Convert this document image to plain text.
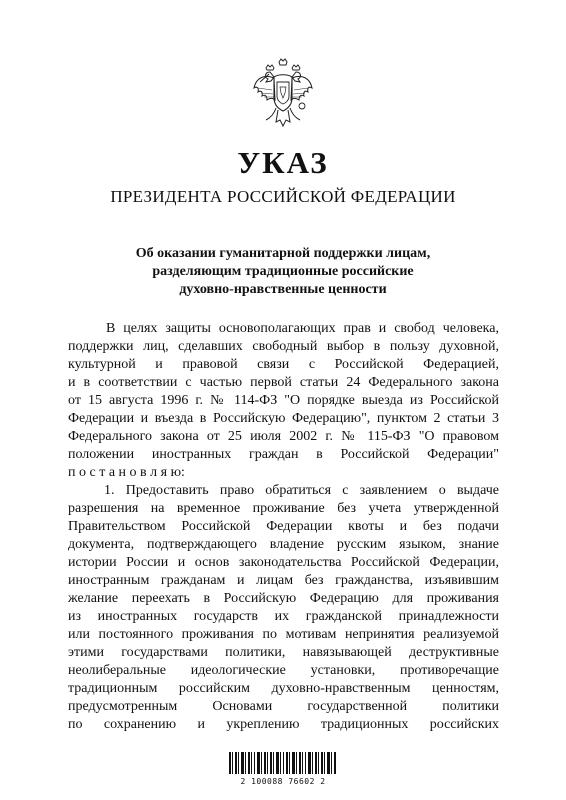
УКАЗ
ПРЕЗИДЕНТА РОССИЙСКОЙ ФЕДЕРАЦИИ
Об оказании гуманитарной поддержки лицам,
разделяющим традиционные российские
духовно-нравственные ценности
В целях защиты основополагающих прав и свобод человека,
поддержки лиц, сделавших свободный выбор в пользу духовной,
культурной и правовой связи с Российской Федерацией,
и в соответствии с частью первой статьи 24 Федерального закона
от 15 августа 1996 г. № 114-ФЗ "О порядке выезда из Российской
Федерации и въезда в Российскую Федерацию", пунктом 2 статьи 3
Федерального закона от 25 июля 2002 г. № 115-ФЗ "О правовом
положении иностранных граждан в Российской Федерации"
п о с т а н о в л я ю:
1. Предоставить право обратиться с заявлением о выдаче
разрешения на временное проживание без учета утвержденной
Правительством Российской Федерации квоты и без подачи
документа, подтверждающего владение русским языком, знание
истории России и основ законодательства Российской Федерации,
иностранным гражданам и лицам без гражданства, изъявившим
желание переехать в Российскую Федерацию для проживания
из иностранных государств их гражданской принадлежности
или постоянного проживания по мотивам непринятия реализуемой
этими государствами политики, навязывающей деструктивные
неолиберальные идеологические установки, противоречащие
традиционным российским духовно-нравственным ценностям,
предусмотренным Основами государственной политики
по сохранению и укреплению традиционных российских
2 100088 76602 2
